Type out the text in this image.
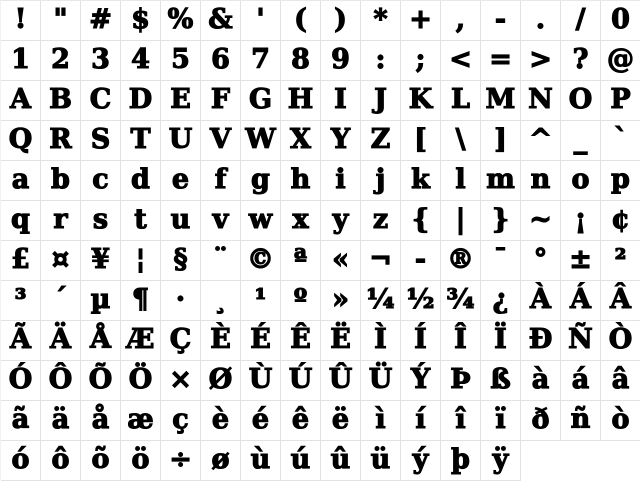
!	" # $ % & '	(	) * + ,	-	.	/ 0
1 2 3 4 5 6 7 8 9 :	; < = > ? @
A B C D E F G H I	J K L M N O P
Q R S T U V W X Y Z [	\	] ^ _ `
a b c d e f g h i	j k l m n o p
q r s t u v w x y z { | } ~ ¡ ¢
£ ¤ ¥ ¦	§ ¨ © ª « ¬ - ® ¯ ° ± ²
³	´ µ ¶ ·	¸	¹	º » ¼ ½ ¾ ¿ À Á Â
Ã Ä Å Æ Ç È É Ê Ë Ì	Í	Î	Ï Ð Ñ Ò
Ó Ô Õ Ö × Ø Ù Ú Û Ü Ý Þ ß à á â
ã ä å æ ç è é ê ë ì	í	î	ï ð ñ ò
ó ô õ ö ÷ ø ù ú û ü ý þ ÿ
